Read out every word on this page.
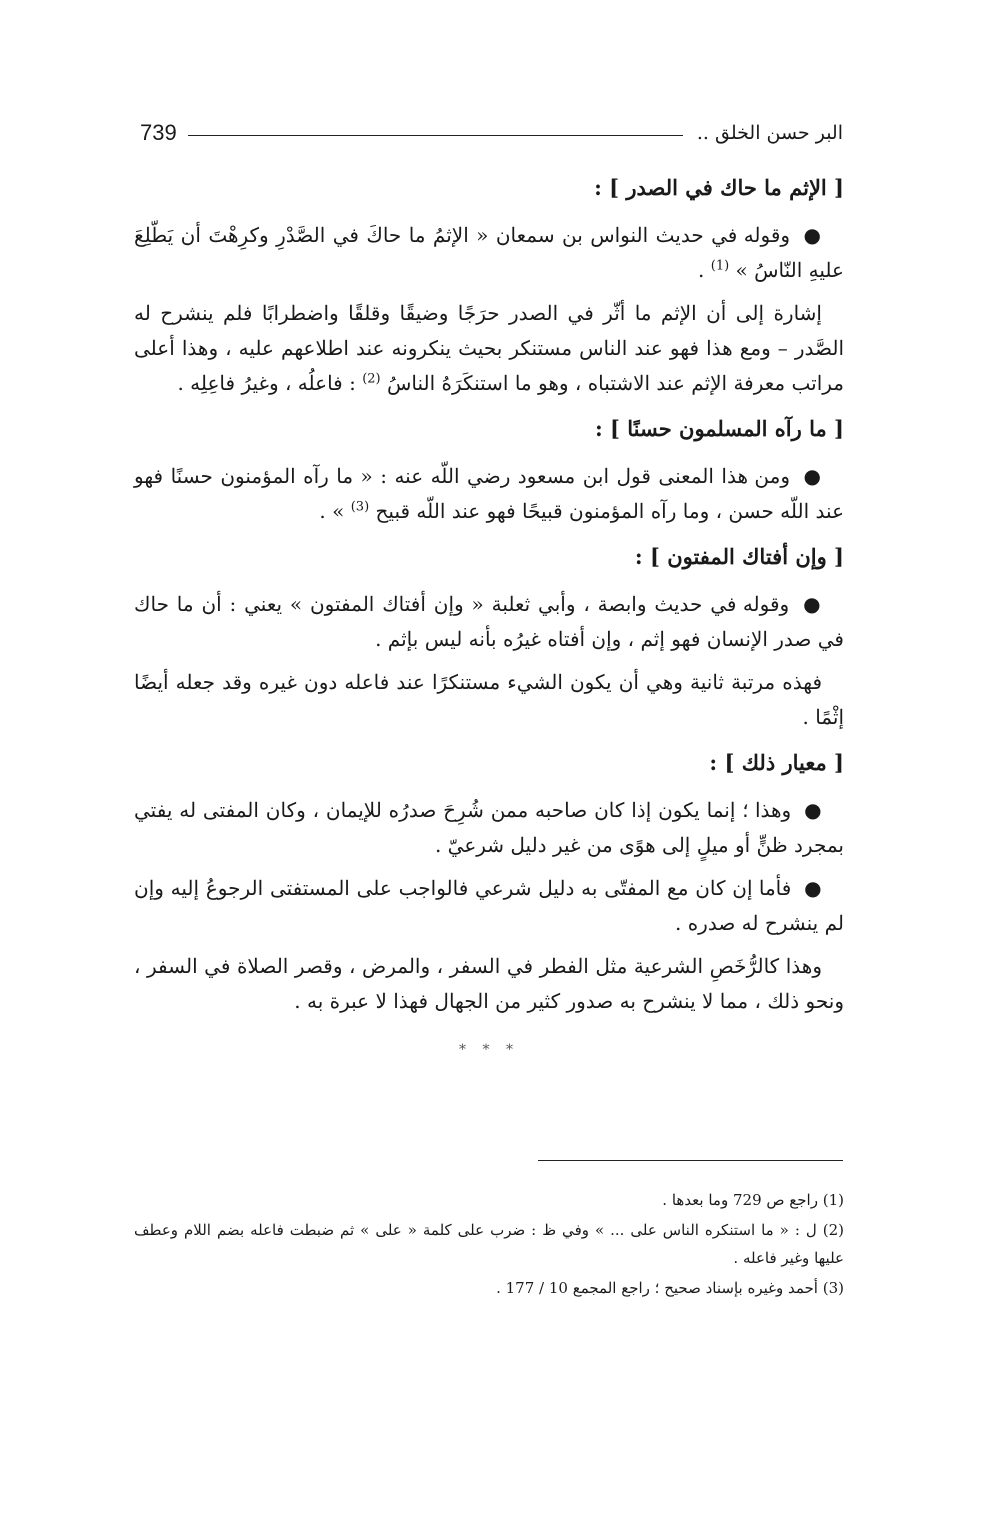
البر حسن الخلق ..
739
[ الإثم ما حاك في الصدر ] :

● وقوله في حديث النواس بن سمعان « الإثمُ ما حاكَ في الصَّدْرِ وكرِهْتَ أن يَطّلِعَ عليهِ النّاسُ » $^{(1)}$ .

إشارة إلى أن الإثم ما أثّر في الصدر حرَجًا وضيقًا وقلقًا واضطرابًا فلم ينشرح له الصَّدر – ومع هذا فهو عند الناس مستنكر بحيث ينكرونه عند اطلاعهم عليه ، وهذا أعلى مراتب معرفة الإثم عند الاشتباه ، وهو ما استنكَرَهُ الناسُ $^{(2)}$ : فاعلُه ، وغيرُ فاعِلِه .

[ ما رآه المسلمون حسنًا ] :

● ومن هذا المعنى قول ابن مسعود رضي اللّه عنه : « ما رآه المؤمنون حسنًا فهو عند اللّه حسن ، وما رآه المؤمنون قبيحًا فهو عند اللّه قبيح $^{(3)}$ » .

[ وإن أفتاك المفتون ] :

● وقوله في حديث وابصة ، وأبي ثعلبة « وإن أفتاك المفتون » يعني : أن ما حاك في صدر الإنسان فهو إثم ، وإن أفتاه غيرُه بأنه ليس بإثم .

فهذه مرتبة ثانية وهي أن يكون الشيء مستنكرًا عند فاعله دون غيره وقد جعله أيضًا إثْمًا .

[ معيار ذلك ] :

● وهذا ؛ إنما يكون إذا كان صاحبه ممن شُرِحَ صدرُه للإيمان ، وكان المفتى له يفتي بمجرد ظنٍّ أو ميلٍ إلى هوًى من غير دليل شرعيّ .

● فأما إن كان مع المفتّى به دليل شرعي فالواجب على المستفتى الرجوعُ إليه وإن لم ينشرح له صدره .

وهذا كالرُّخَصِ الشرعية مثل الفطر في السفر ، والمرض ، وقصر الصلاة في السفر ، ونحو ذلك ، مما لا ينشرح به صدور كثير من الجهال فهذا لا عبرة به .

* * *

(1) راجع ص 729 وما بعدها .

(2) ل : « ما استنكره الناس على ... » وفي ظ : ضرب على كلمة « على » ثم ضبطت فاعله بضم اللام وعطف عليها وغير فاعله .

(3) أحمد وغيره بإسناد صحيح ؛ راجع المجمع 10 / 177 .
